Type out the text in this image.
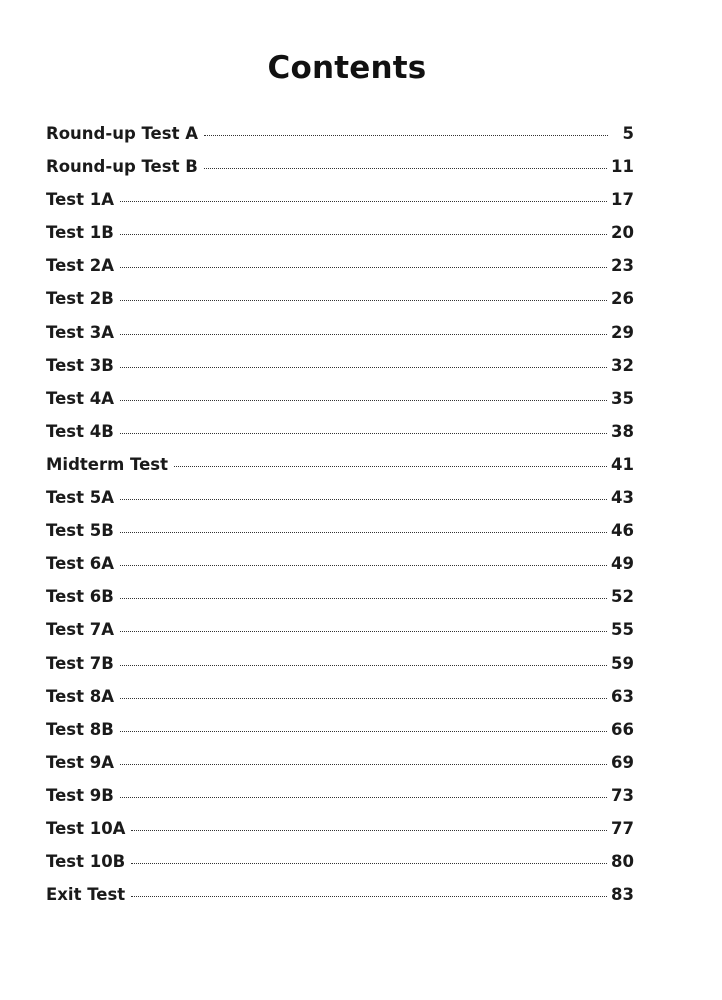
Contents
Round-up Test A	5
Round-up Test B	11
Test 1A	17
Test 1B	20
Test 2A	23
Test 2B	26
Test 3A	29
Test 3B	32
Test 4A	35
Test 4B	38
Midterm Test	41
Test 5A	43
Test 5B	46
Test 6A	49
Test 6B	52
Test 7A	55
Test 7B	59
Test 8A	63
Test 8B	66
Test 9A	69
Test 9B	73
Test 10A	77
Test 10B	80
Exit Test	83
